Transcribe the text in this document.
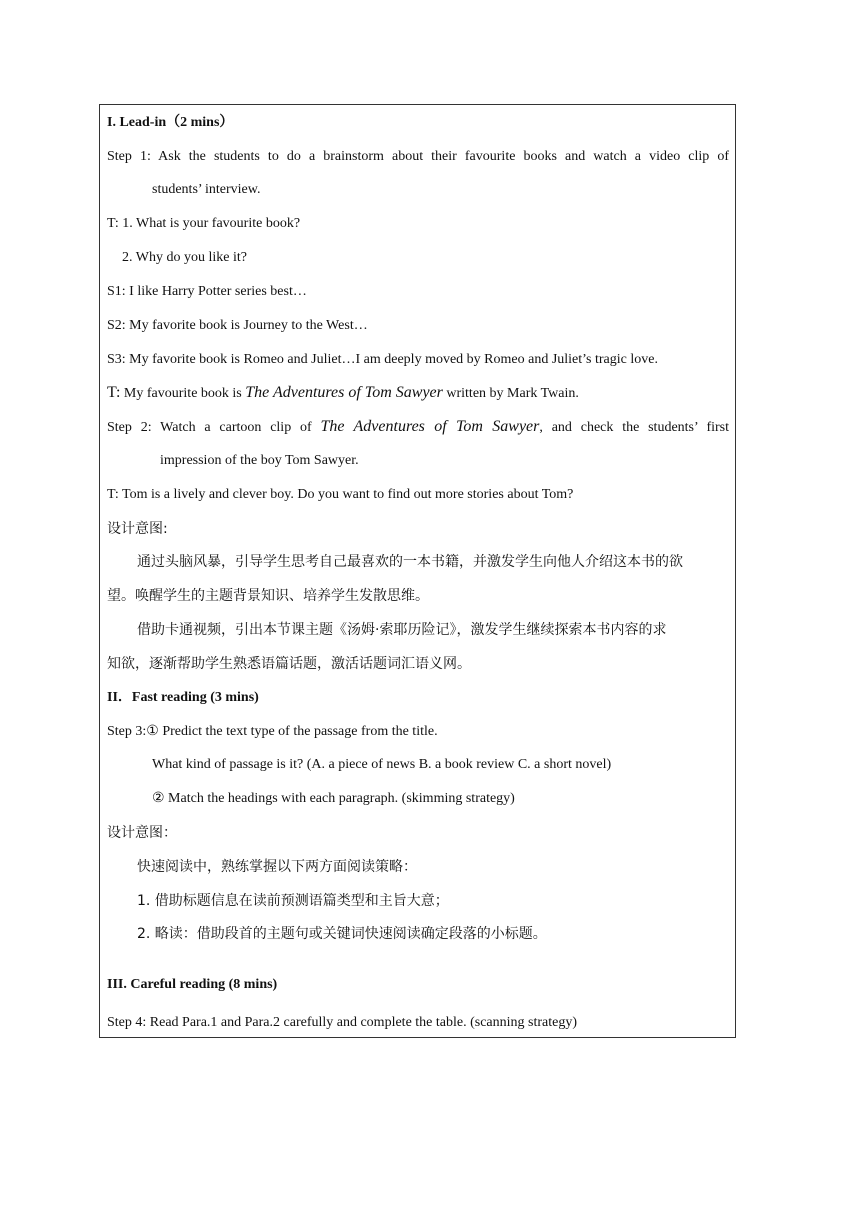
I. Lead-in（2 mins）
Step 1: Ask the students to do a brainstorm about their favourite books and watch a video clip of
students’ interview.
T: 1. What is your favourite book?
2. Why do you like it?
S1: I like Harry Potter series best…
S2: My favorite book is Journey to the West…
S3: My favorite book is Romeo and Juliet…I am deeply moved by Romeo and Juliet’s tragic love.
T: My favourite book is The Adventures of Tom Sawyer written by Mark Twain.
Step 2: Watch a cartoon clip of The Adventures of Tom Sawyer, and check the students’ first
impression of the boy Tom Sawyer.
T: Tom is a lively and clever boy. Do you want to find out more stories about Tom?
设计意图:
通过头脑风暴，引导学生思考自己最喜欢的一本书籍，并激发学生向他人介绍这本书的欲
望。唤醒学生的主题背景知识、培养学生发散思维。
借助卡通视频，引出本节课主题《汤姆·索耶历险记》，激发学生继续探索本书内容的求
知欲，逐渐帮助学生熟悉语篇话题，激活话题词汇语义网。
II．Fast reading (3 mins)
Step 3:① Predict the text type of the passage from the title.
What kind of passage is it? (A. a piece of news B. a book review C. a short novel)
② Match the headings with each paragraph. (skimming strategy)
设计意图：
快速阅读中，熟练掌握以下两方面阅读策略：
1. 借助标题信息在读前预测语篇类型和主旨大意；
2. 略读：借助段首的主题句或关键词快速阅读确定段落的小标题。
III. Careful reading (8 mins)
Step 4: Read Para.1 and Para.2 carefully and complete the table. (scanning strategy)
